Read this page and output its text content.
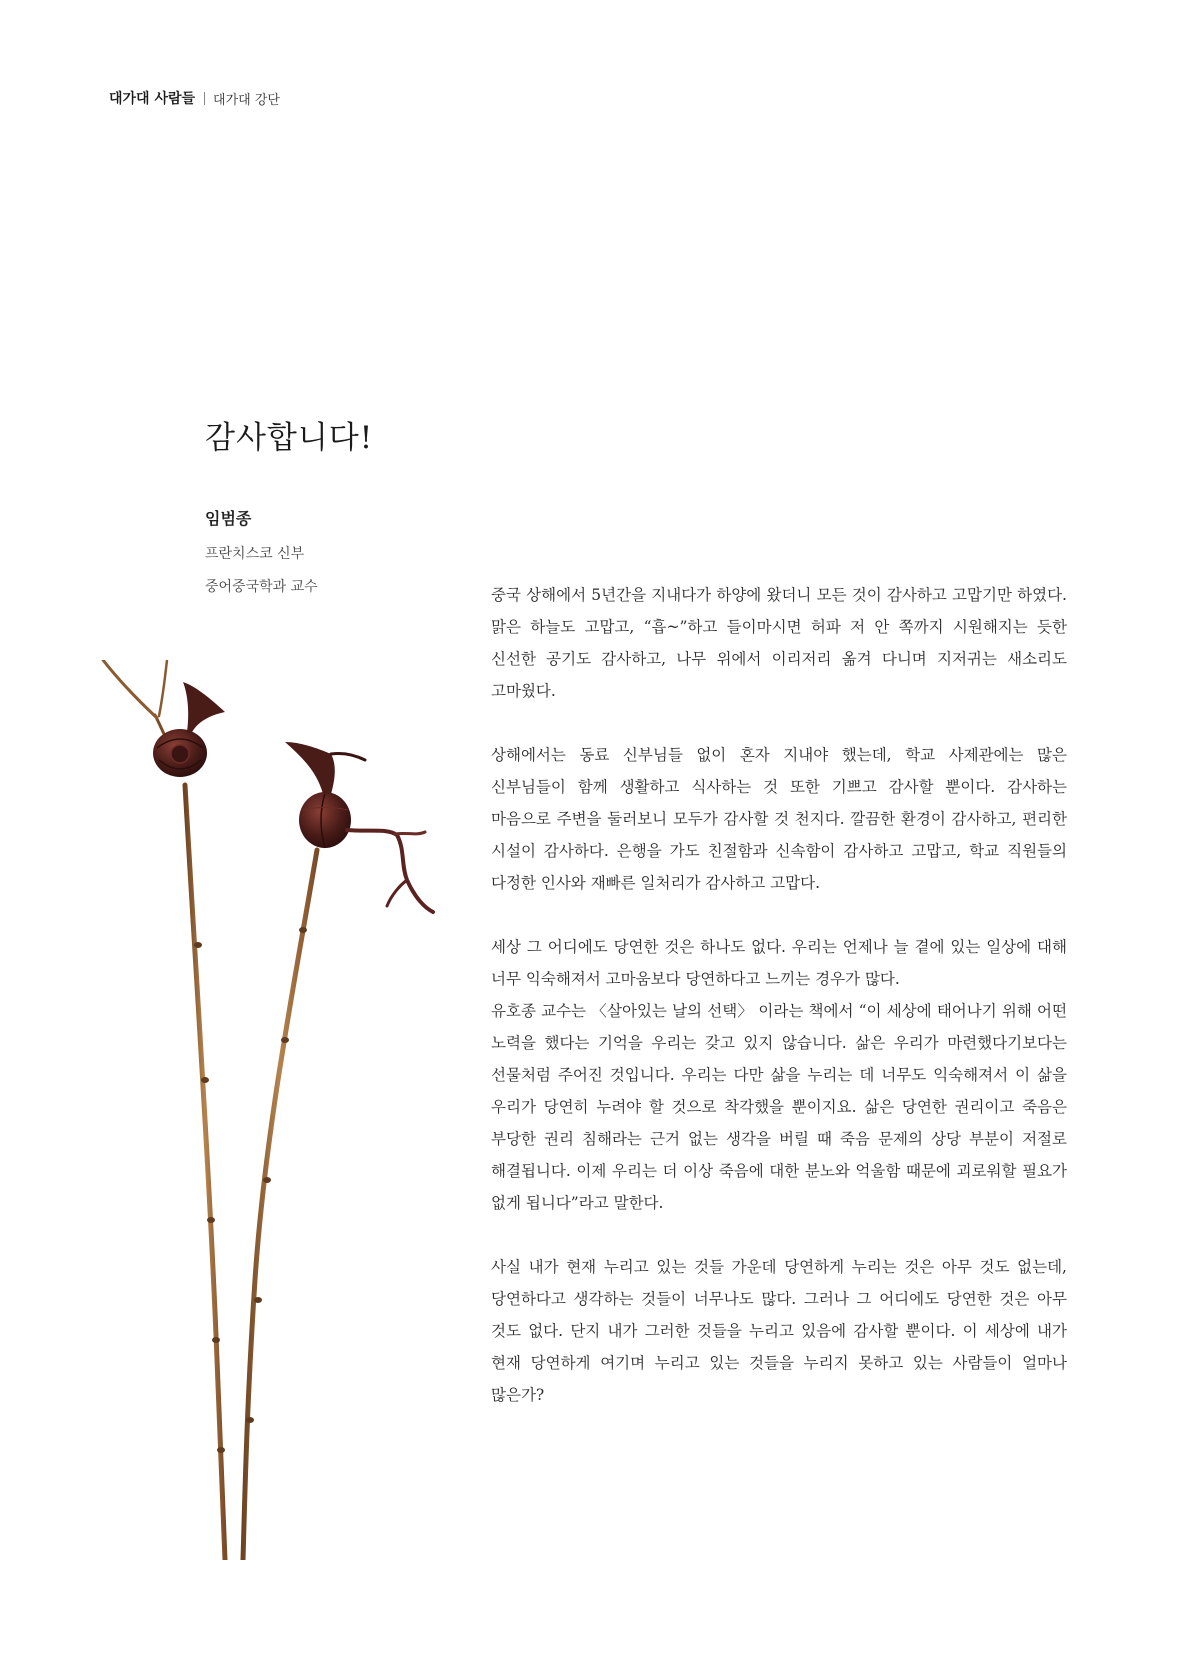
대가대 사람들 대가대 강단
감사합니다!

임범종

프란치스코 신부

중어중국학과 교수	중국 상해에서 5년간을 지내다가 하양에 왔더니 모든 것이 감사하고 고맙기만 하였다. 맑은 하늘도 고맙고, “흡~”하고 들이마시면 허파 저 안 쪽까지 시원해지는 듯한 신선한 공기도 감사하고, 나무 위에서 이리저리 옮겨 다니며 지저귀는 새소리도 고마웠다.

상해에서는 동료 신부님들 없이 혼자 지내야 했는데, 학교 사제관에는 많은 신부님들이 함께 생활하고 식사하는 것 또한 기쁘고 감사할 뿐이다. 감사하는 마음으로 주변을 둘러보니 모두가 감사할 것 천지다. 깔끔한 환경이 감사하고, 편리한 시설이 감사하다. 은행을 가도 친절함과 신속함이 감사하고 고맙고, 학교 직원들의 다정한 인사와 재빠른 일처리가 감사하고 고맙다.

세상 그 어디에도 당연한 것은 하나도 없다. 우리는 언제나 늘 곁에 있는 일상에 대해 너무 익숙해져서 고마움보다 당연하다고 느끼는 경우가 많다.

유호종 교수는 〈살아있는 날의 선택〉 이라는 책에서 “이 세상에 태어나기 위해 어떤 노력을 했다는 기억을 우리는 갖고 있지 않습니다. 삶은 우리가 마련했다기보다는 선물처럼 주어진 것입니다. 우리는 다만 삶을 누리는 데 너무도 익숙해져서 이 삶을 우리가 당연히 누려야 할 것으로 착각했을 뿐이지요. 삶은 당연한 권리이고 죽음은 부당한 권리 침해라는 근거 없는 생각을 버릴 때 죽음 문제의 상당 부분이 저절로 해결됩니다. 이제 우리는 더 이상 죽음에 대한 분노와 억울함 때문에 괴로워할 필요가 없게 됩니다”라고 말한다.

사실 내가 현재 누리고 있는 것들 가운데 당연하게 누리는 것은 아무 것도 없는데, 당연하다고 생각하는 것들이 너무나도 많다. 그러나 그 어디에도 당연한 것은 아무 것도 없다. 단지 내가 그러한 것들을 누리고 있음에 감사할 뿐이다. 이 세상에 내가 현재 당연하게 여기며 누리고 있는 것들을 누리지 못하고 있는 사람들이 얼마나 많은가?
